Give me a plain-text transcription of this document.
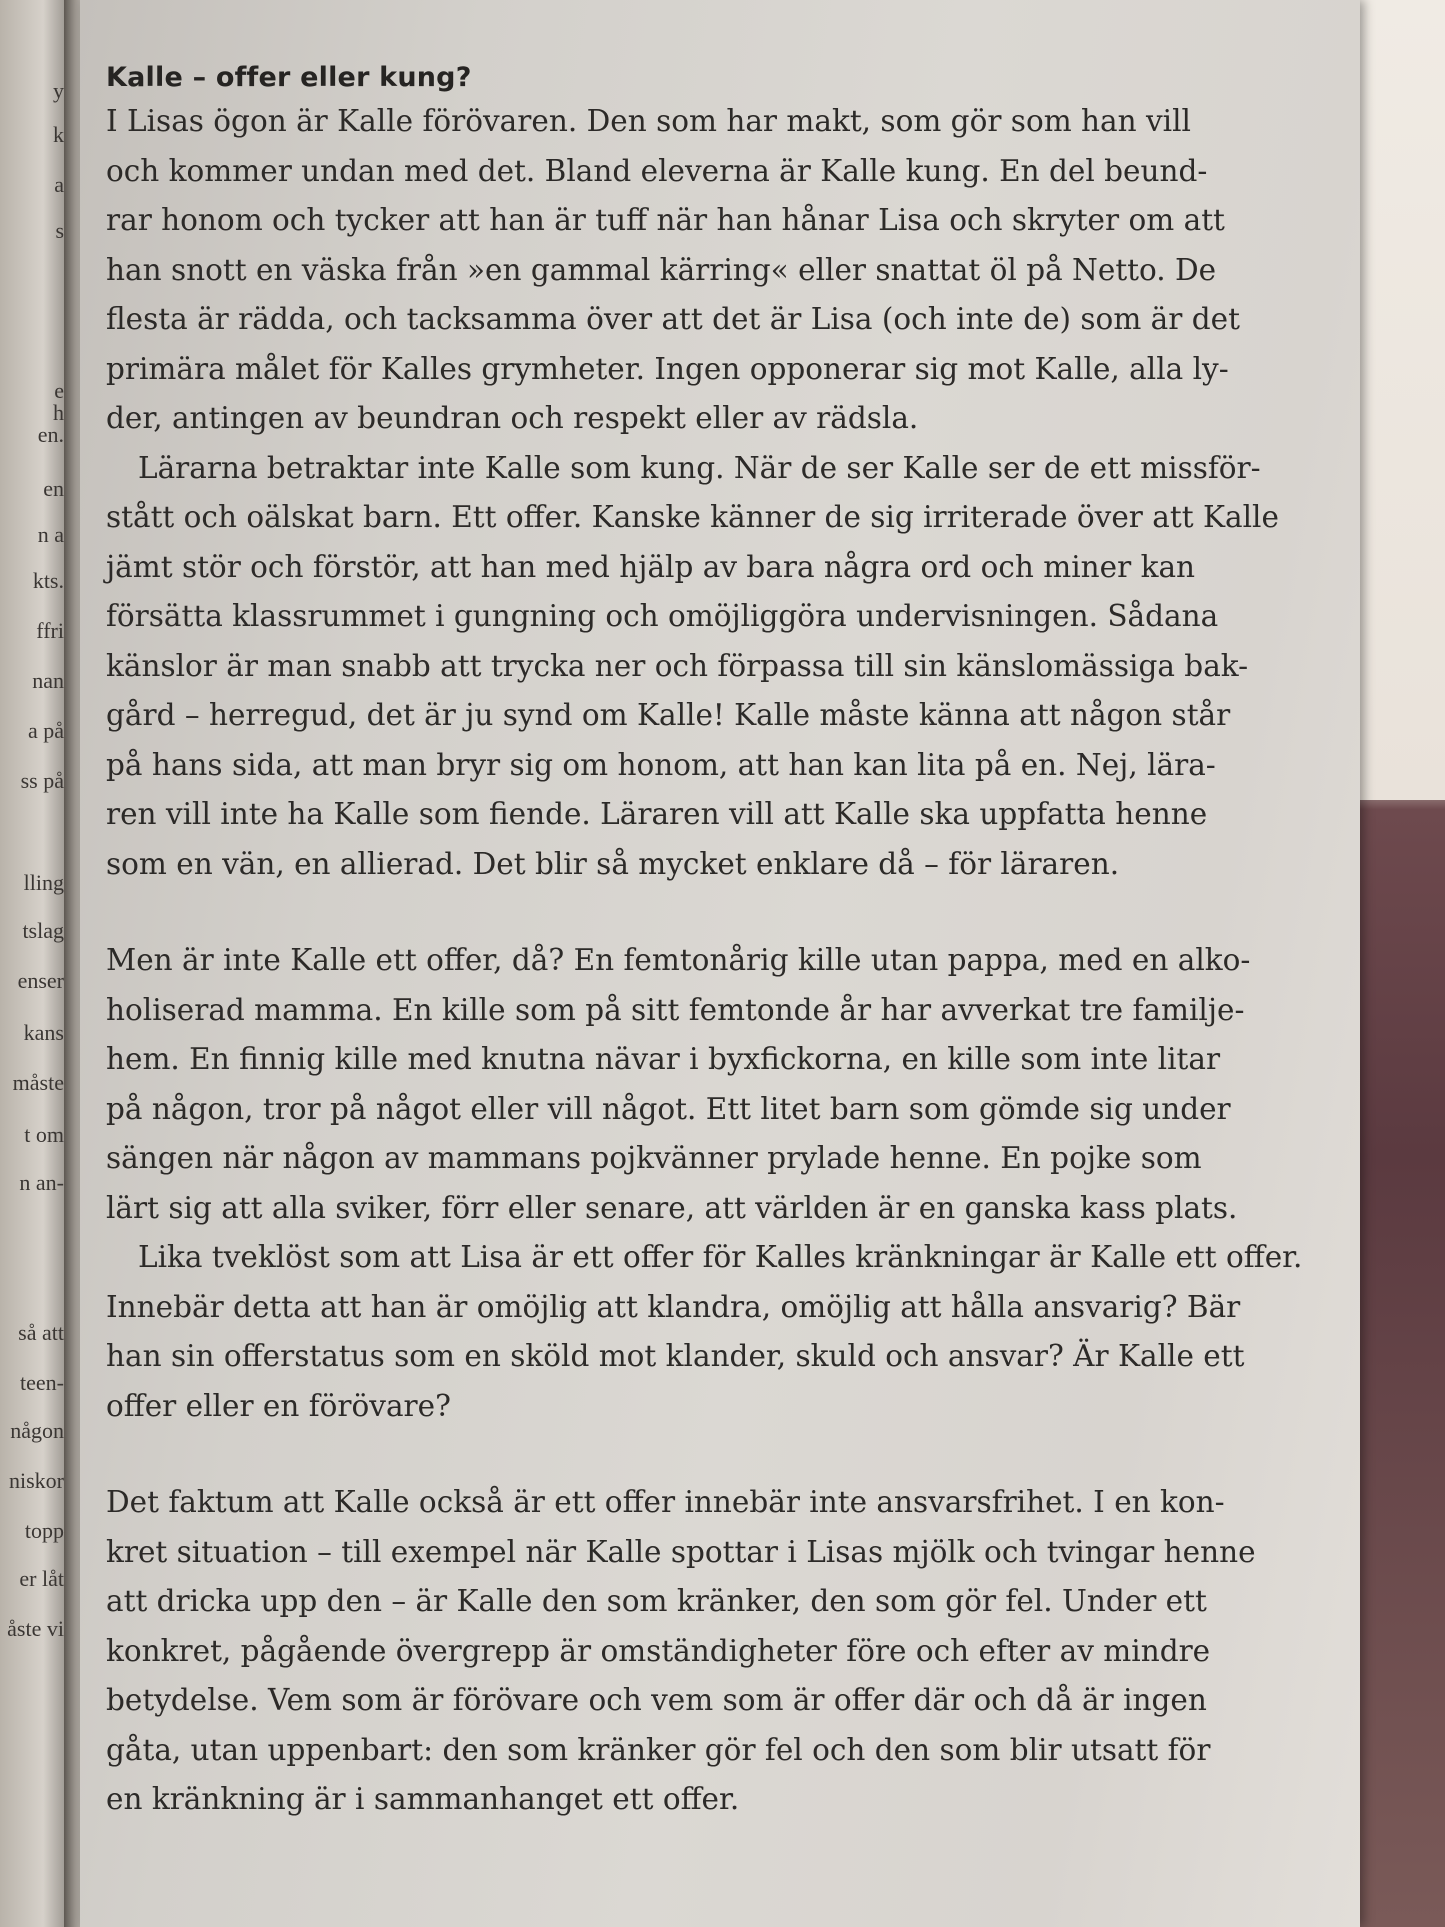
y
k
a
s
e
h
en.
en
n a
kts.
ffri
nan
a på
ss på
lling
tslag
enser
kans
måste
t om
n an-
så att
teen-
någon
niskor
topp
er låt
åste vi
Kalle – offer eller kung?

I Lisas ögon är Kalle förövaren. Den som har makt, som gör som han vill
och kommer undan med det. Bland eleverna är Kalle kung. En del beund-
rar honom och tycker att han är tuff när han hånar Lisa och skryter om att
han snott en väska från »en gammal kärring« eller snattat öl på Netto. De
flesta är rädda, och tacksamma över att det är Lisa (och inte de) som är det
primära målet för Kalles grymheter. Ingen opponerar sig mot Kalle, alla ly-
der, antingen av beundran och respekt eller av rädsla.

Lärarna betraktar inte Kalle som kung. När de ser Kalle ser de ett missför-
stått och oälskat barn. Ett offer. Kanske känner de sig irriterade över att Kalle
jämt stör och förstör, att han med hjälp av bara några ord och miner kan
försätta klassrummet i gungning och omöjliggöra undervisningen. Sådana
känslor är man snabb att trycka ner och förpassa till sin känslomässiga bak-
gård – herregud, det är ju synd om Kalle! Kalle måste känna att någon står
på hans sida, att man bryr sig om honom, att han kan lita på en. Nej, lära-
ren vill inte ha Kalle som fiende. Läraren vill att Kalle ska uppfatta henne
som en vän, en allierad. Det blir så mycket enklare då – för läraren.

Men är inte Kalle ett offer, då? En femtonårig kille utan pappa, med en alko-
holiserad mamma. En kille som på sitt femtonde år har avverkat tre familje-
hem. En finnig kille med knutna nävar i byxfickorna, en kille som inte litar
på någon, tror på något eller vill något. Ett litet barn som gömde sig under
sängen när någon av mammans pojkvänner prylade henne. En pojke som
lärt sig att alla sviker, förr eller senare, att världen är en ganska kass plats.

Lika tveklöst som att Lisa är ett offer för Kalles kränkningar är Kalle ett offer.
Innebär detta att han är omöjlig att klandra, omöjlig att hålla ansvarig? Bär
han sin offerstatus som en sköld mot klander, skuld och ansvar? Är Kalle ett
offer eller en förövare?

Det faktum att Kalle också är ett offer innebär inte ansvarsfrihet. I en kon-
kret situation – till exempel när Kalle spottar i Lisas mjölk och tvingar henne
att dricka upp den – är Kalle den som kränker, den som gör fel. Under ett
konkret, pågående övergrepp är omständigheter före och efter av mindre
betydelse. Vem som är förövare och vem som är offer där och då är ingen
gåta, utan uppenbart: den som kränker gör fel och den som blir utsatt för
en kränkning är i sammanhanget ett offer.
